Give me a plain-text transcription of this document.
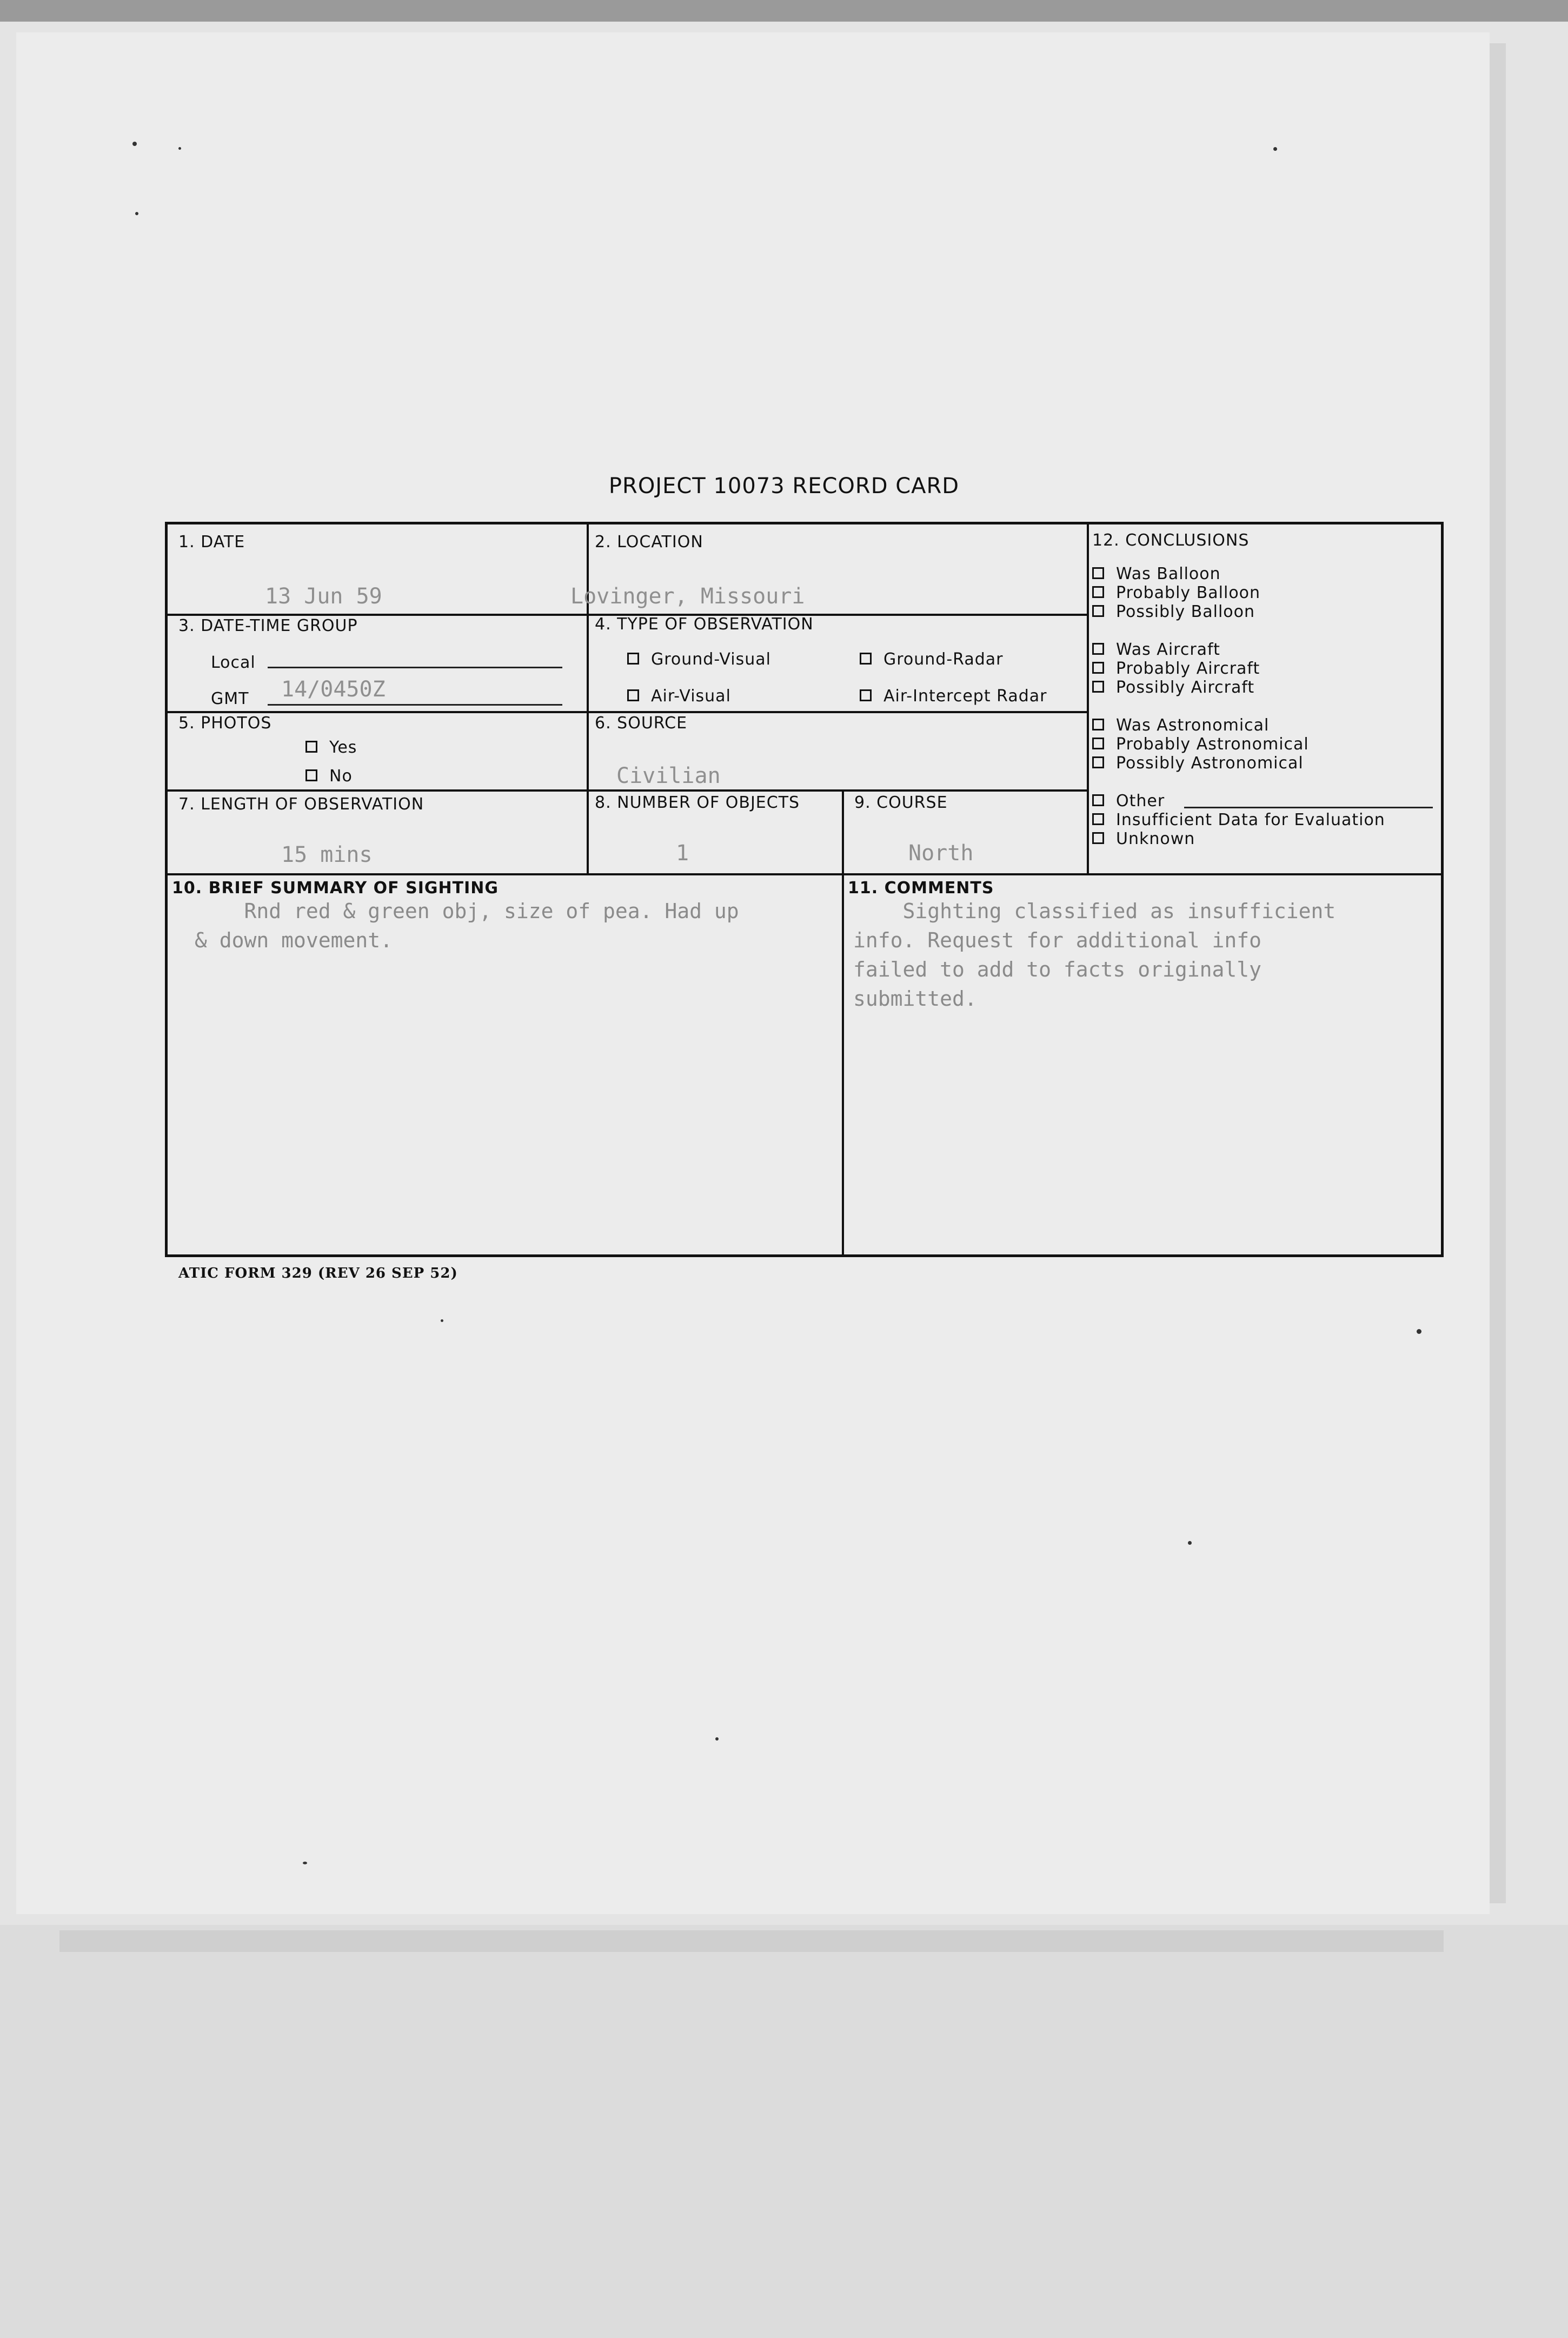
PROJECT 10073 RECORD CARD
1. DATE
13 Jun 59
2. LOCATION
Lovinger, Missouri
3. DATE-TIME GROUP
Local
GMT 14/0450Z
4. TYPE OF OBSERVATION
Ground-Visual	Ground-Radar
Air-Visual	Air-Intercept Radar
5. PHOTOS
Yes
No
6. SOURCE
Civilian
7. LENGTH OF OBSERVATION
15 mins
8. NUMBER OF OBJECTS
1
9. COURSE
North
10. BRIEF SUMMARY OF SIGHTING
Rnd red & green obj, size of pea. Had up
& down movement.
11. COMMENTS
Sighting classified as insufficient
info. Request for additional info
failed to add to facts originally
submitted.
12. CONCLUSIONS
Was Balloon
Probably Balloon
Possibly Balloon
Was Aircraft
Probably Aircraft
Possibly Aircraft
Was Astronomical
Probably Astronomical
Possibly Astronomical
Other
Insufficient Data for Evaluation
Unknown
ATIC FORM 329 (REV 26 SEP 52)
